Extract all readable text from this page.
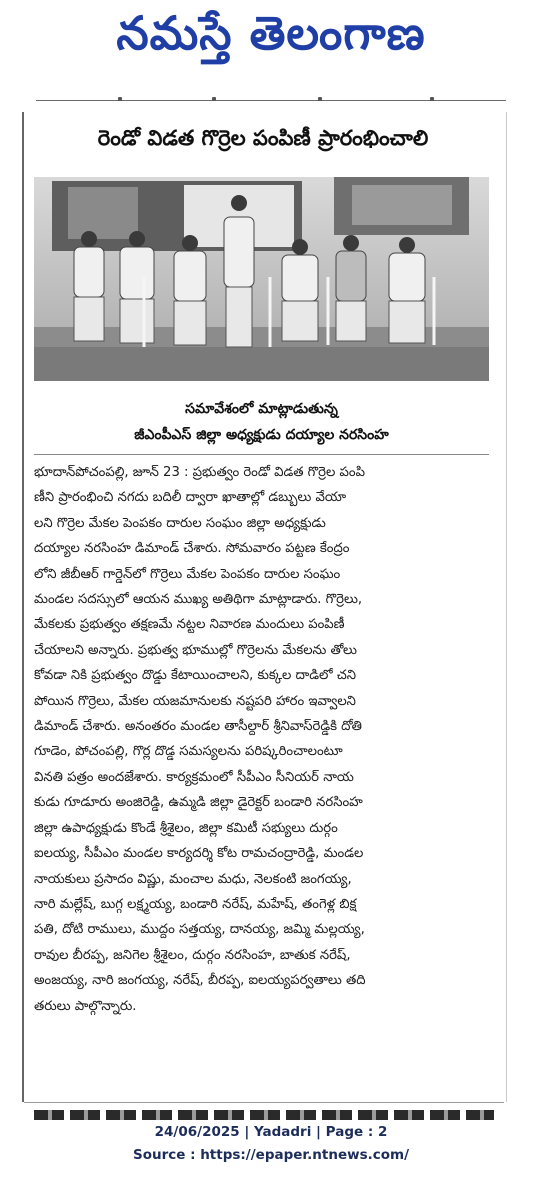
నమస్తే తెలంగాణ
రెండో విడత గొర్రెల పంపిణీ ప్రారంభించాలి
సమావేశంలో మాట్లాడుతున్న
జీఎంపీఎస్ జిల్లా అధ్యక్షుడు దయ్యాల నరసింహ
భూదాన్‌పోచంపల్లి, జూన్ 23 : ప్రభుత్వం రెండో విడత గొర్రెల పంపి
ణీని ప్రారంభించి నగదు బదిలీ ద్వారా ఖాతాల్లో డబ్బులు వేయా
లని గొర్రెల మేకల పెంపకం దారుల సంఘం జిల్లా అధ్యక్షుడు
దయ్యాల నరసింహ డిమాండ్ చేశారు. సోమవారం పట్టణ కేంద్రం
లోని జీబీఆర్ గార్డెన్‌లో గొర్రెలు మేకల పెంపకం దారుల సంఘం
మండల సదస్సులో ఆయన ముఖ్య అతిథిగా మాట్లాడారు. గొర్రెలు,
మేకలకు ప్రభుత్వం తక్షణమే నట్టల నివారణ మందులు పంపిణీ
చేయాలని అన్నారు. ప్రభుత్వ భూముల్లో గొర్రెలను మేకలను తోలు
కోవడా నికి ప్రభుత్వం దొడ్డు కేటాయించాలని, కుక్కల దాడిలో చని
పోయిన గొర్రెలు, మేకల యజమానులకు నష్టపరి హారం ఇవ్వాలని
డిమాండ్ చేశారు. అనంతరం మండల తాసీల్దార్ శ్రీనివాస్‌రెడ్డికి దోతి
గూడెం, పోచంపల్లి, గొర్ల దొడ్డ సమస్యలను పరిష్కరించాలంటూ
వినతి పత్రం అందజేశారు. కార్యక్రమంలో సీపీఎం సీనియర్ నాయ
కుడు గూడూరు అంజిరెడ్డి, ఉమ్మడి జిల్లా డైరెక్టర్ బండారి నరసింహ
జిల్లా ఉపాధ్యక్షుడు కొండే శ్రీశైలం, జిల్లా కమిటీ సభ్యులు దుర్గం
ఐలయ్య, సీపీఎం మండల కార్యదర్శి కోట రామచంద్రారెడ్డి, మండల
నాయకులు ప్రసాదం విష్ణు, మంచాల మధు, నెలకంటి జంగయ్య,
నారి మల్లేష్, బుగ్గ లక్ష్మయ్య, బండారి నరేష్, మహేష్, తంగెళ్ల బిక్ష
పతి, దోటి రాములు, ముద్దం సత్తయ్య, దానయ్య, జమ్మి మల్లయ్య,
రావుల బీరప్ప, జనిగెల శ్రీశైలం, దుర్గం నరసింహ, బాతుక నరేష్,
అంజయ్య, నారి జంగయ్య, నరేష్, బీరప్ప, ఐలయ్యపర్వతాలు తది
తరులు పాల్గొన్నారు.
24/06/2025 | Yadadri | Page : 2
Source : https://epaper.ntnews.com/
